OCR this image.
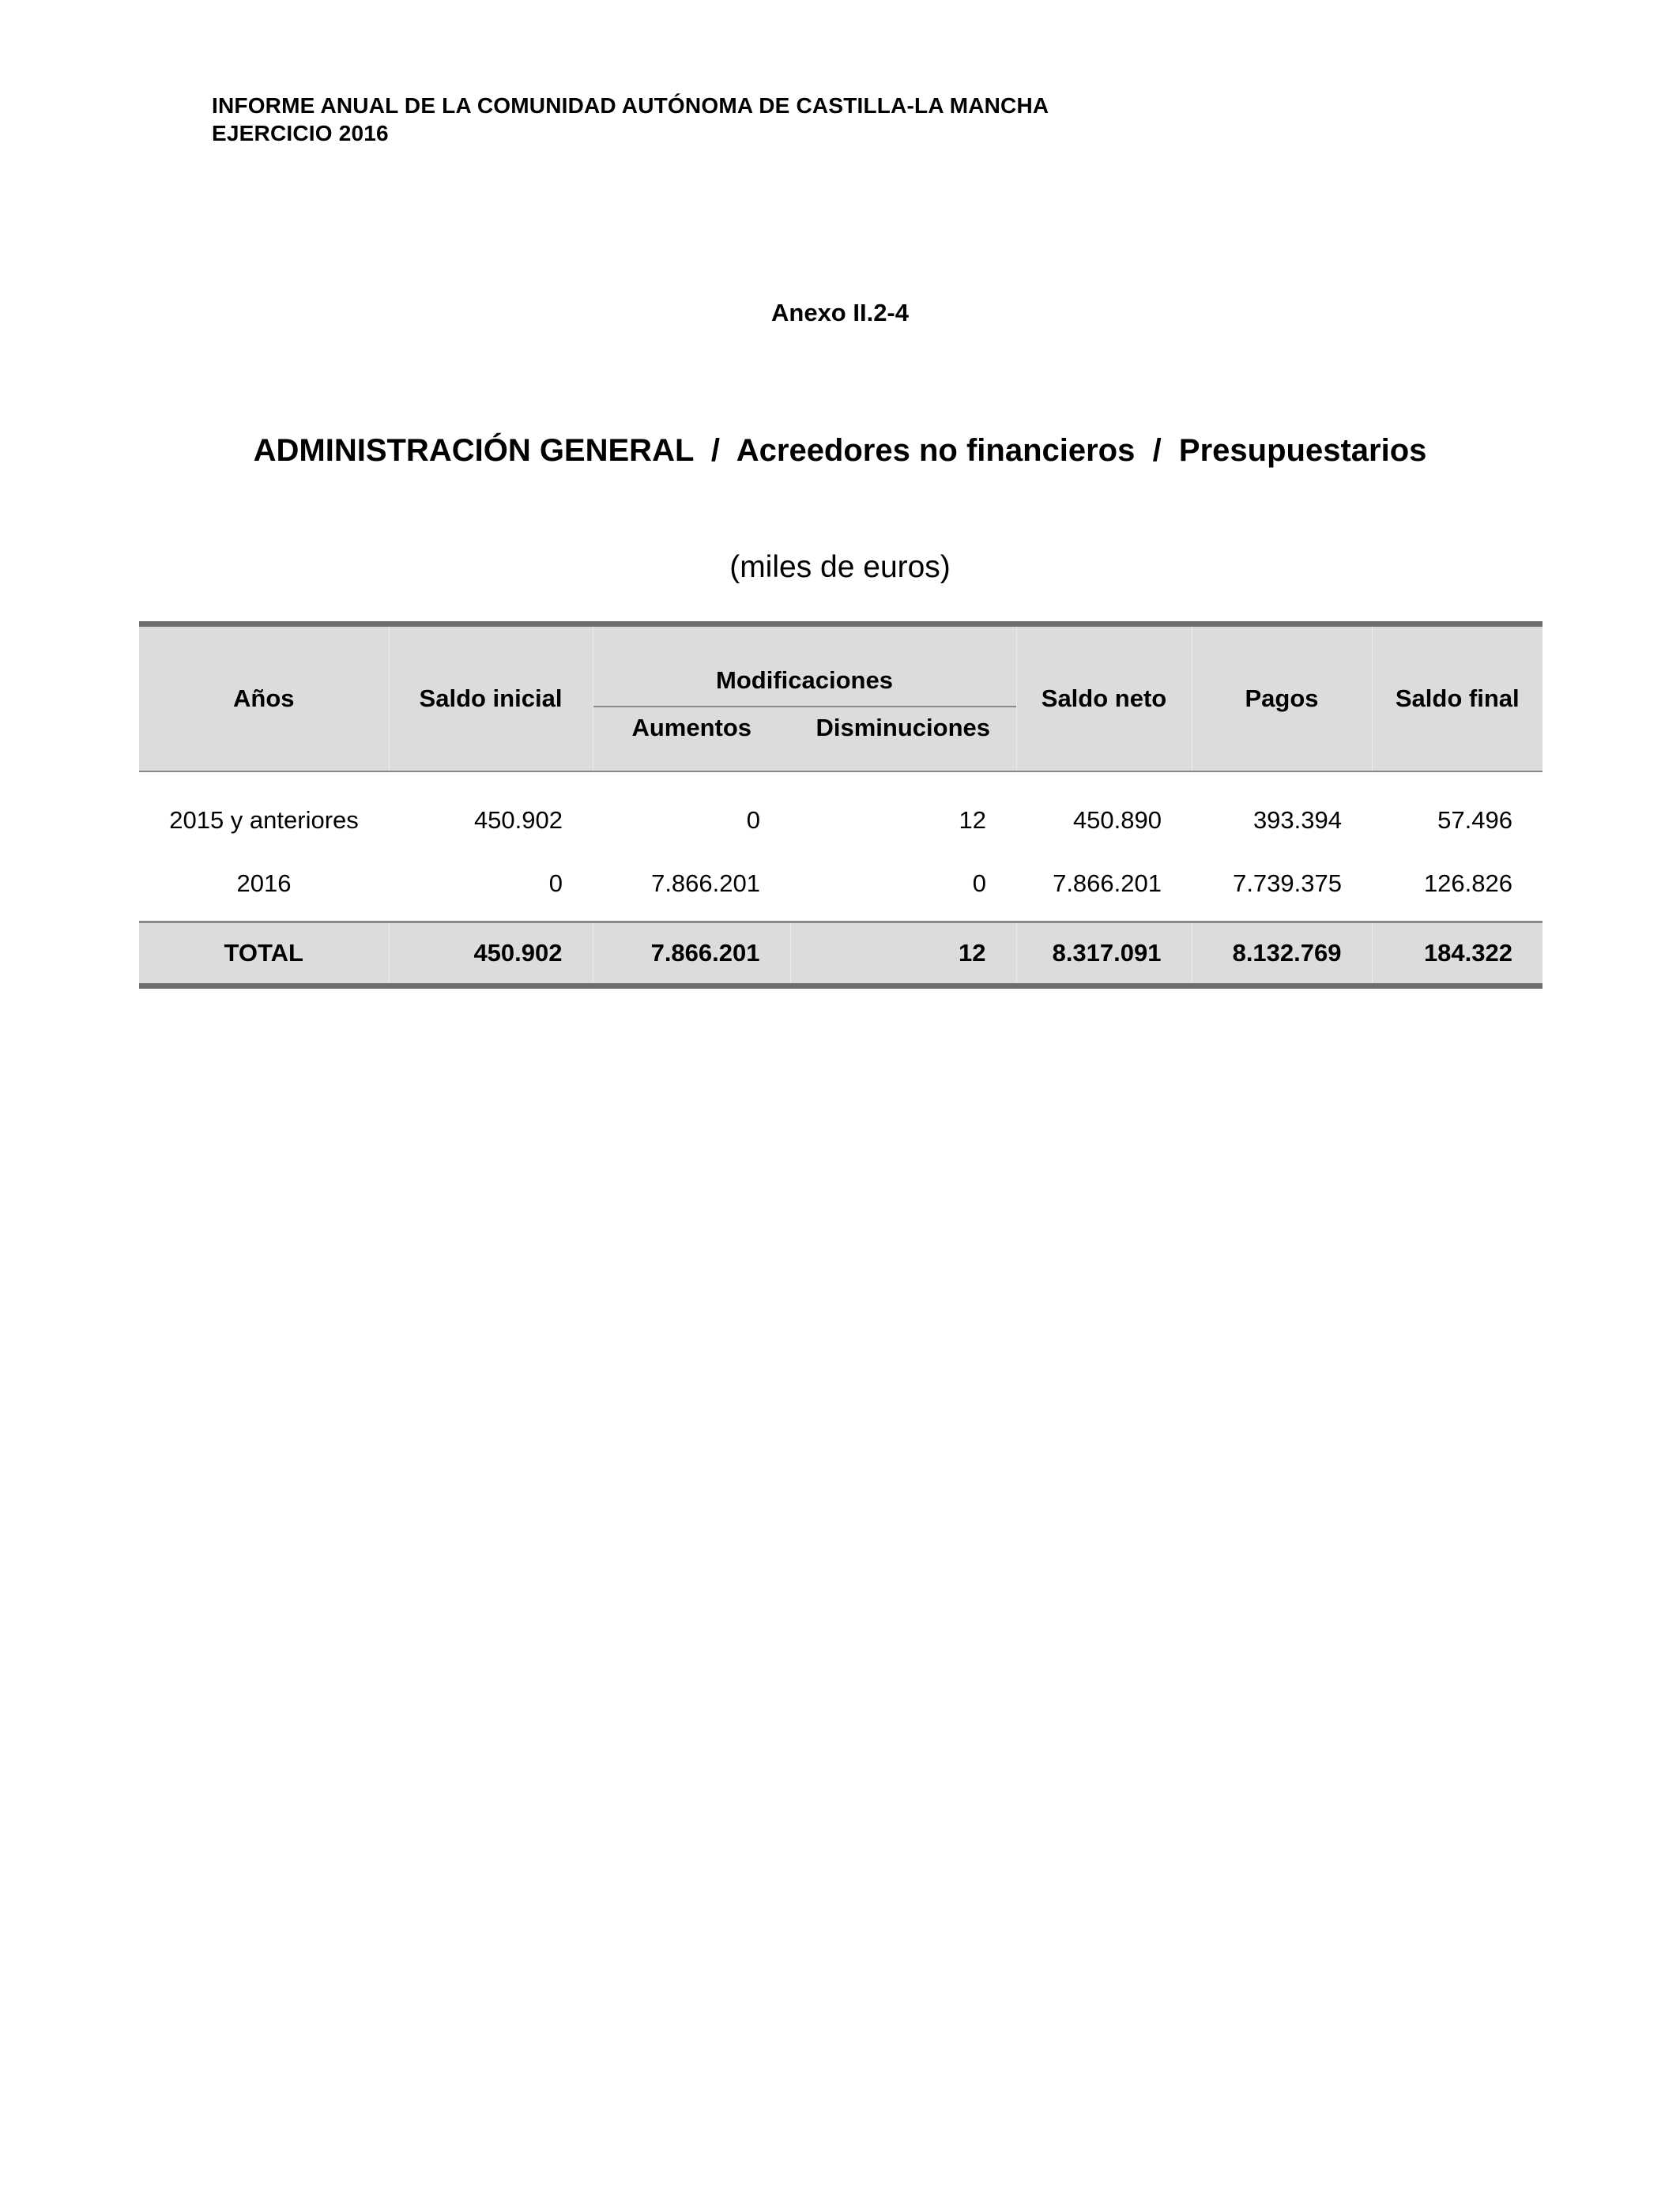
INFORME ANUAL DE LA COMUNIDAD AUTÓNOMA DE CASTILLA-LA MANCHA
EJERCICIO 2016
Anexo II.2-4
ADMINISTRACIÓN GENERAL  /  Acreedores no financieros  /  Presupuestarios
(miles de euros)
Años	Saldo inicial	Modificaciones		Saldo neto	Pagos	Saldo final
		Aumentos	Disminuciones			
2015 y anteriores	450.902	0	12	450.890	393.394	57.496
2016	0	7.866.201	0	7.866.201	7.739.375	126.826
TOTAL	450.902	7.866.201	12	8.317.091	8.132.769	184.322
